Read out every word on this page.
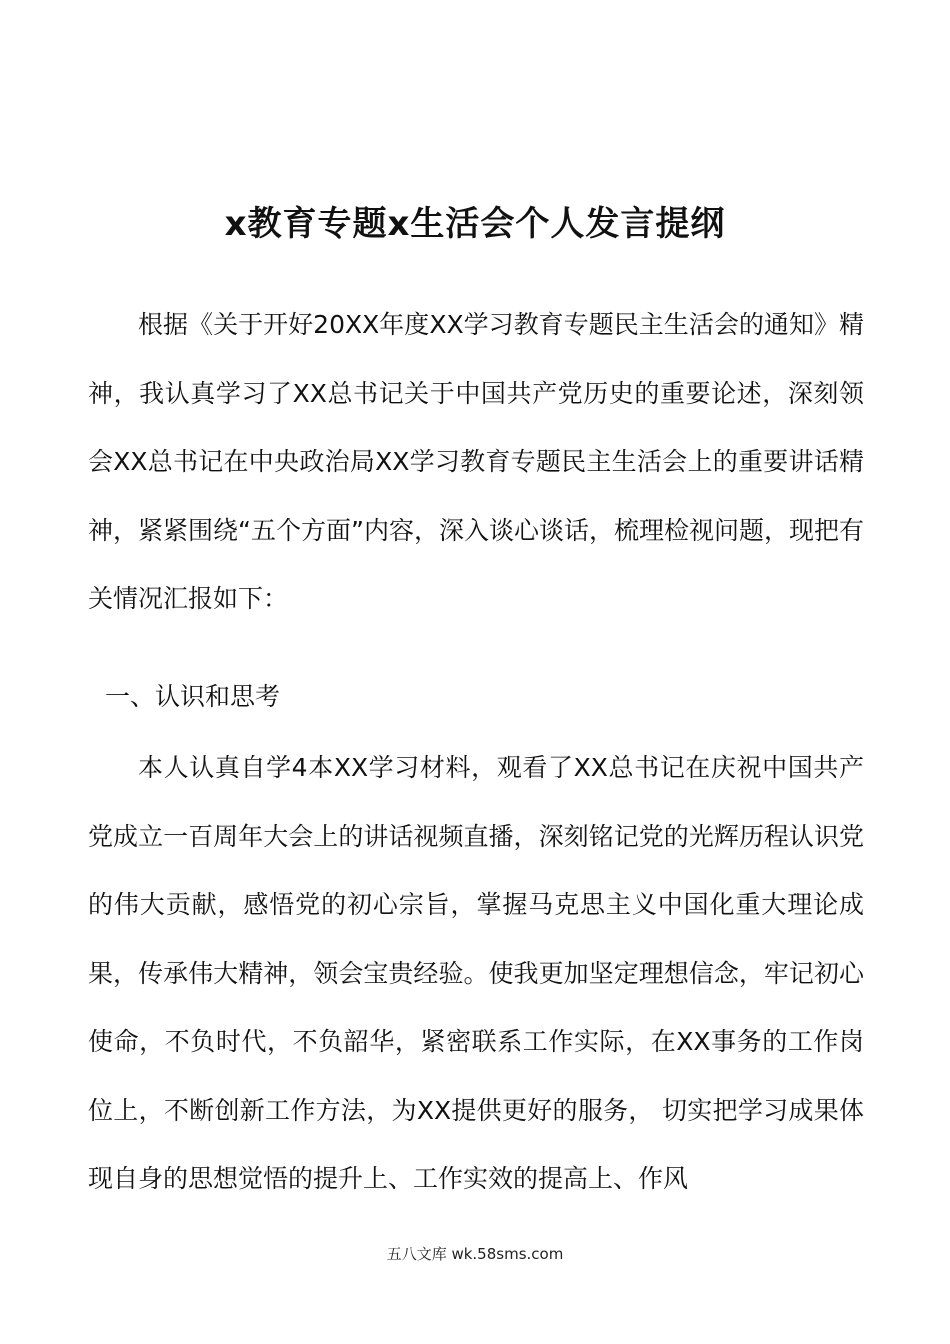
x教育专题x生活会个人发言提纲

根据《关于开好20XX年度XX学习教育专题民主生活会的通知》精神，我认真学习了XX总书记关于中国共产党历史的重要论述，深刻领会XX总书记在中央政治局XX学习教育专题民主生活会上的重要讲话精神，紧紧围绕“五个方面”内容，深入谈心谈话，梳理检视问题，现把有关情况汇报如下：

一、认识和思考

本人认真自学4本XX学习材料，观看了XX总书记在庆祝中国共产党成立一百周年大会上的讲话视频直播，深刻铭记党的光辉历程认识党的伟大贡献，感悟党的初心宗旨，掌握马克思主义中国化重大理论成果，传承伟大精神，领会宝贵经验。使我更加坚定理想信念，牢记初心使命，不负时代，不负韶华，紧密联系工作实际，在XX事务的工作岗位上，不断创新工作方法，为XX提供更好的服务， 切实把学习成果体现自身的思想觉悟的提升上、工作实效的提高上、作风

五八文库 wk.58sms.com
